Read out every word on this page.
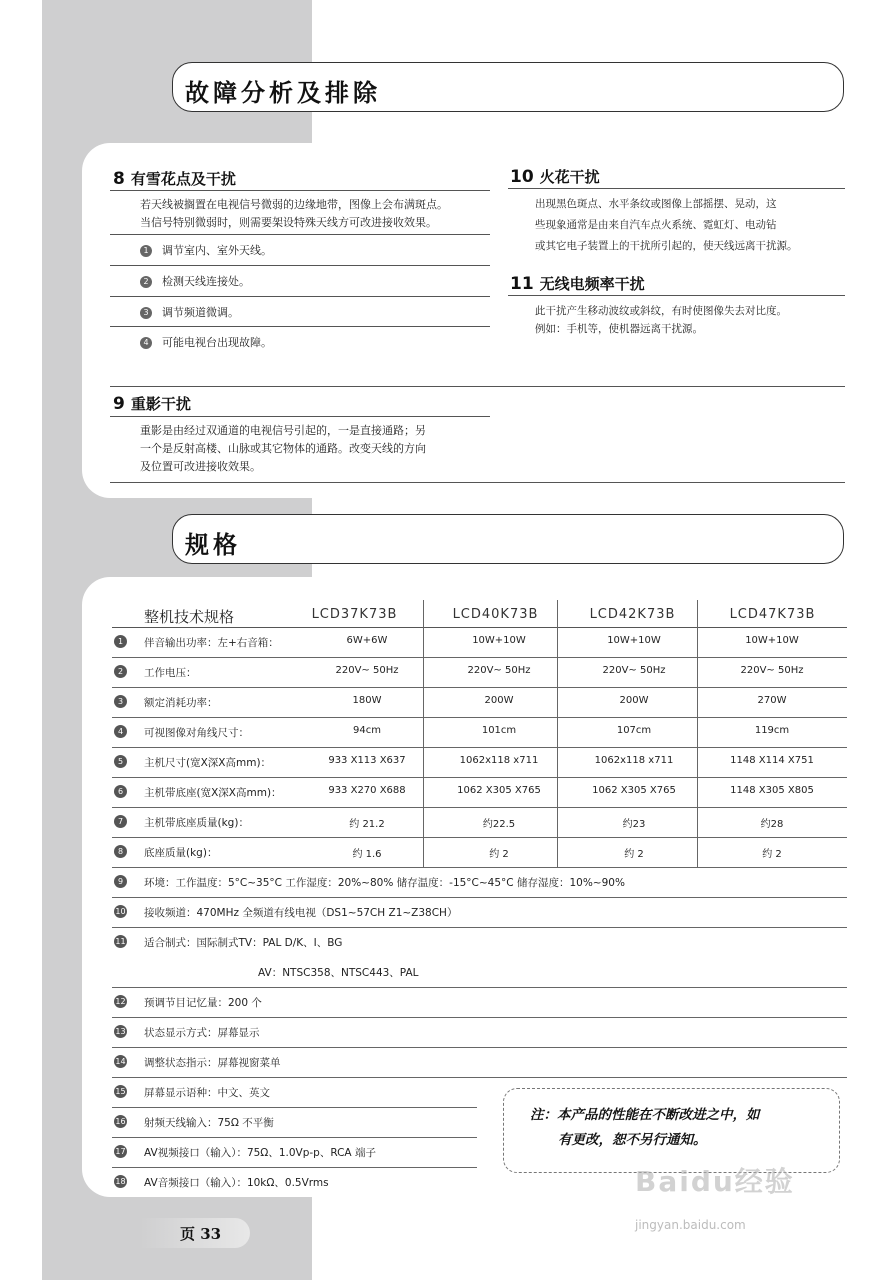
故障分析及排除
8 有雪花点及干扰
若天线被搁置在电视信号微弱的边缘地带，图像上会布满斑点。
当信号特别微弱时，则需要架设特殊天线方可改进接收效果。
1 调节室内、室外天线。
2 检测天线连接处。
3 调节频道微调。
4 可能电视台出现故障。
9 重影干扰
重影是由经过双通道的电视信号引起的，一是直接通路；另
一个是反射高楼、山脉或其它物体的通路。改变天线的方向
及位置可改进接收效果。
10 火花干扰
出现黑色斑点、水平条纹或图像上部摇摆、晃动，这
些现象通常是由来自汽车点火系统、霓虹灯、电动钻
或其它电子装置上的干扰所引起的，使天线远离干扰源。
11 无线电频率干扰
此干扰产生移动波纹或斜纹，有时使图像失去对比度。
例如：手机等，使机器远离干扰源。
规格
整机技术规格	LCD37K73B	LCD40K73B	LCD42K73B	LCD47K73B
1	伴音输出功率：左+右音箱：	6W+6W	10W+10W	10W+10W	10W+10W
2	工作电压：	220V~ 50Hz	220V~ 50Hz	220V~ 50Hz	220V~ 50Hz
3	额定消耗功率：	180W	200W	200W	270W
4	可视图像对角线尺寸：	94cm	101cm	107cm	119cm
5	主机尺寸(宽X深X高mm)：	933 X113 X637	1062x118 x711	1062x118 x711	1148 X114 X751
6	主机带底座(宽X深X高mm)：	933 X270 X688	1062 X305 X765	1062 X305 X765	1148 X305 X805
7	主机带底座质量(kg)：	约 21.2	约22.5	约23	约28
8	底座质量(kg)：	约 1.6	约 2	约 2	约 2
9	环境：工作温度：5°C~35°C 工作湿度：20%~80% 储存温度：-15°C~45°C 储存湿度：10%~90%
10 接收频道：470MHz 全频道有线电视（DS1~57CH Z1~Z38CH）
11 适合制式：国际制式TV：PAL D/K、I、BG
AV：NTSC358、NTSC443、PAL
12 预调节目记忆量：200 个
13 状态显示方式：屏幕显示
14 调整状态指示：屏幕视窗菜单
15 屏幕显示语种：中文、英文
16 射频天线输入：75Ω 不平衡
17 AV视频接口（输入）：75Ω、1.0Vp-p、RCA 端子
18 AV音频接口（输入）：10kΩ、0.5Vrms
注：本产品的性能在不断改进之中，如
有更改，恕不另行通知。
页 33
Baidu经验
jingyan.baidu.com
